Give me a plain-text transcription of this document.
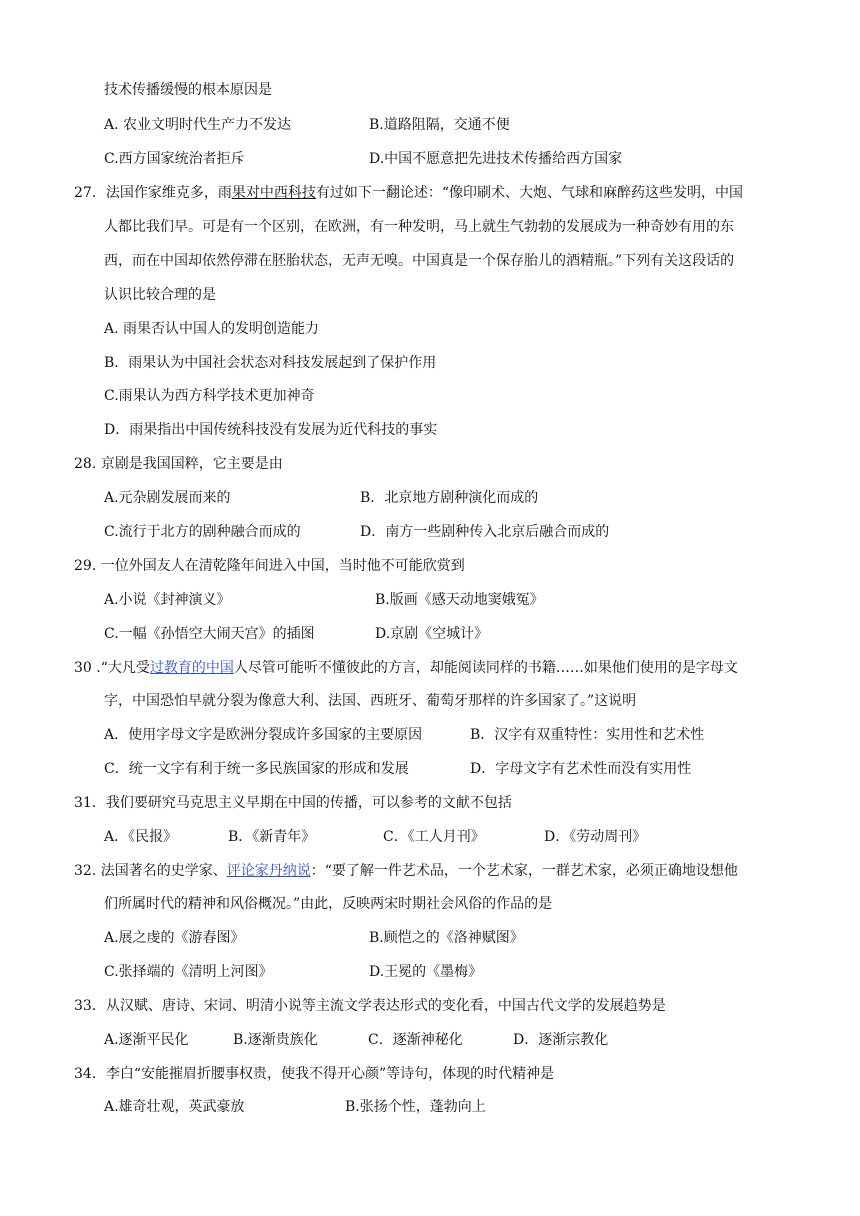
技术传播缓慢的根本原因是
A. 农业文明时代生产力不发达	B.道路阻隔，交通不便
C.西方国家统治者拒斥	D.中国不愿意把先进技术传播给西方国家
27．法国作家维克多，雨果对中西科技有过如下一翻论述：“像印刷术、大炮、气球和麻醉药这些发明，中国
人都比我们早。可是有一个区别，在欧洲，有一种发明，马上就生气勃勃的发展成为一种奇妙有用的东
西，而在中国却依然停滞在胚胎状态，无声无嗅。中国真是一个保存胎儿的酒精瓶。”下列有关这段话的
认识比较合理的是
A. 雨果否认中国人的发明创造能力
B．雨果认为中国社会状态对科技发展起到了保护作用
C.雨果认为西方科学技术更加神奇
D．雨果指出中国传统科技没有发展为近代科技的事实
28. 京剧是我国国粹，它主要是由
A.元杂剧发展而来的	B．北京地方剧种演化而成的
C.流行于北方的剧种融合而成的	D．南方一些剧种传入北京后融合而成的
29. 一位外国友人在清乾隆年间进入中国，当时他不可能欣赏到
A.小说《封神演义》	B.版画《感天动地窦娥冤》
C.一幅《孙悟空大闹天宫》的插图	D.京剧《空城计》
30 .“大凡受过教育的中国人尽管可能听不懂彼此的方言，却能阅读同样的书籍……如果他们使用的是字母文
字，中国恐怕早就分裂为像意大利、法国、西班牙、葡萄牙那样的许多国家了。”这说明
A．使用字母文字是欧洲分裂成许多国家的主要原因	B．汉字有双重特性：实用性和艺术性
C．统一文字有利于统一多民族国家的形成和发展	D．字母文字有艺术性而没有实用性
31．我们要研究马克思主义早期在中国的传播，可以参考的文献不包括
A．《民报》	B．《新青年》	C．《工人月刊》	D．《劳动周刊》
32. 法国著名的史学家、评论家丹纳说：“要了解一件艺术品，一个艺术家，一群艺术家，必须正确地设想他
们所属时代的精神和风俗概况。”由此，反映两宋时期社会风俗的作品的是
A.展之虔的《游春图》	B.顾恺之的《洛神赋图》
C.张择端的《清明上河图》	D.王冕的《墨梅》
33．从汉赋、唐诗、宋词、明清小说等主流文学表达形式的变化看，中国古代文学的发展趋势是
A.逐渐平民化	B.逐渐贵族化	C．逐渐神秘化	D．逐渐宗教化
34．李白“安能摧眉折腰事权贵，使我不得开心颜”等诗句，体现的时代精神是
A.雄奇壮观，英武豪放	B.张扬个性，蓬勃向上
